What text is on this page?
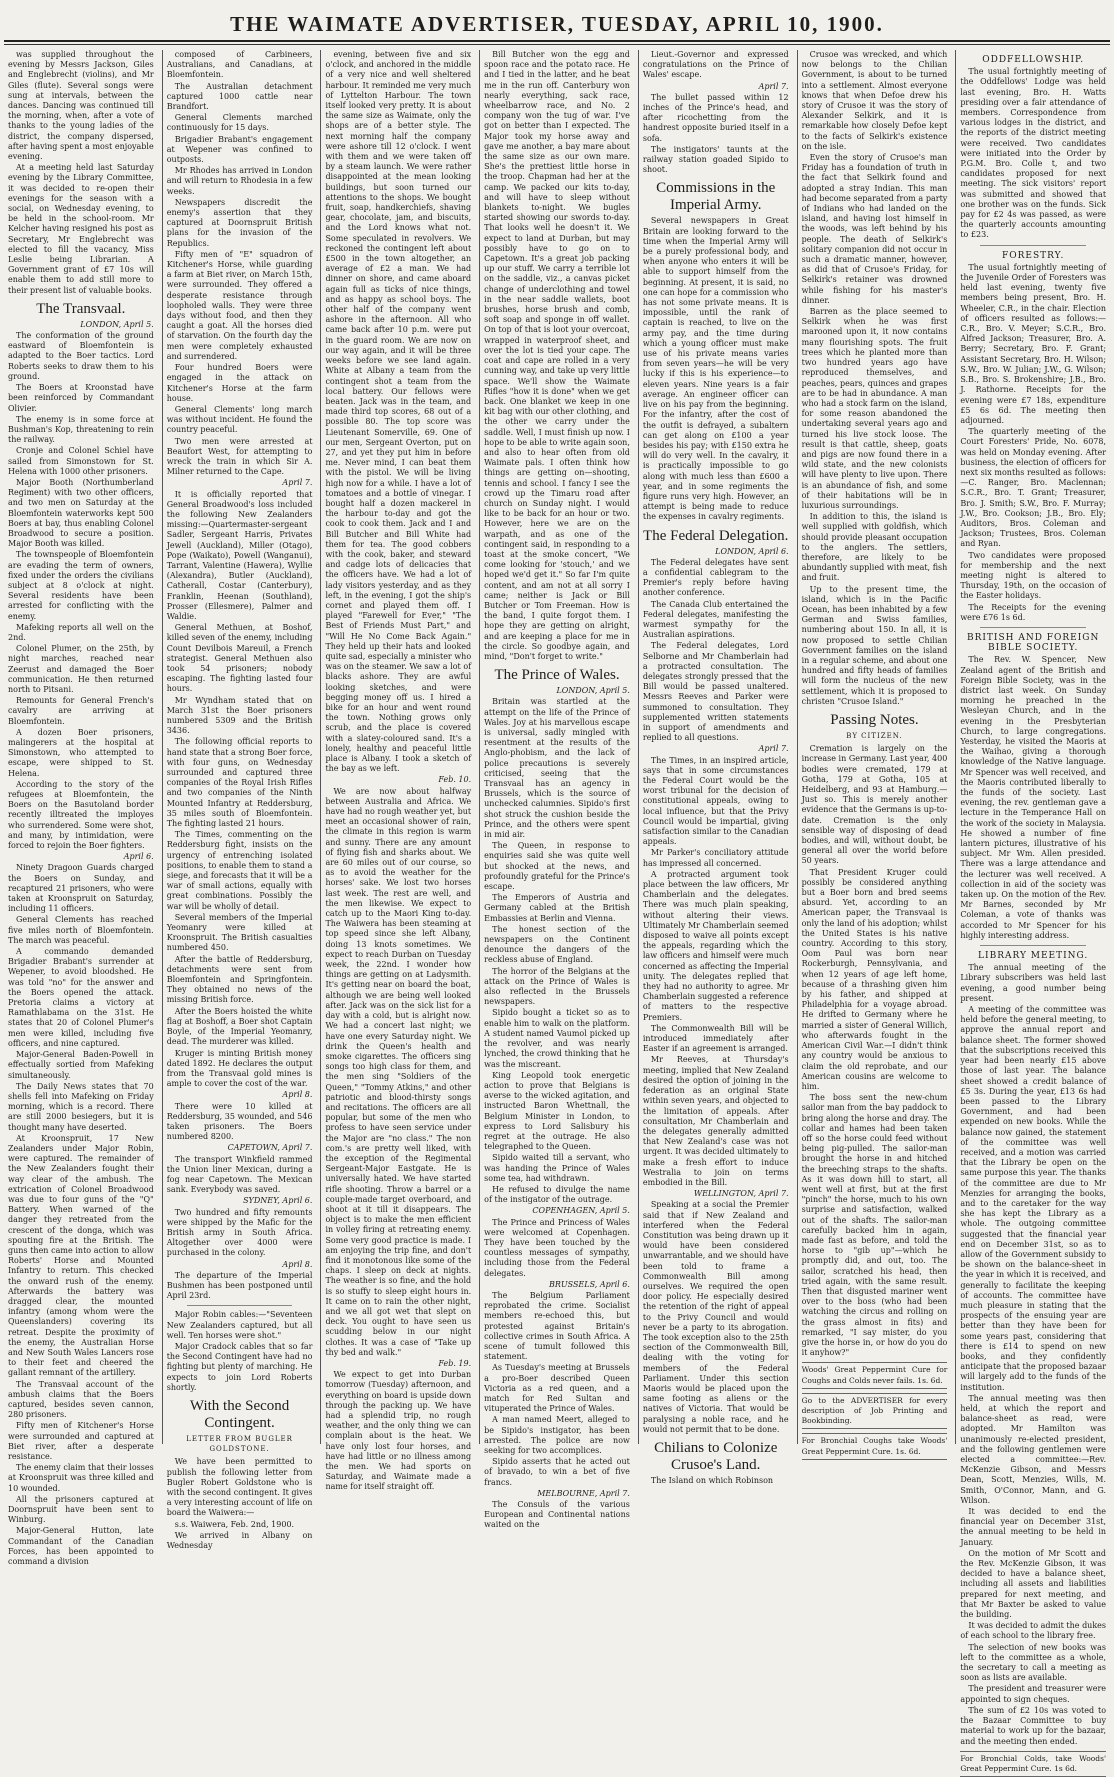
THE WAIMATE ADVERTISER, TUESDAY, APRIL 10, 1900.

was supplied throughout the evening by Messrs Jackson, Giles and Englebrecht (violins), and Mr Giles (flute). Several songs were sung at intervals, between the dances. Dancing was continued till the morning, when, after a vote of thanks to the young ladies of the district, the company dispersed, after having spent a most enjoyable evening.

At a meeting held last Saturday evening by the Library Committee, it was decided to re-open their evenings for the season with a social, on Wednesday evening, to be held in the school-room. Mr Kelcher having resigned his post as Secretary, Mr Englebrecht was elected to fill the vacancy, Miss Leslie being Librarian. A Government grant of £7 10s will enable them to add still more to their present list of valuable books.

The Transvaal.
LONDON, April 5.

The conformation of the ground eastward of Bloemfontein is adapted to the Boer tactics. Lord Roberts seeks to draw them to his ground.

The Boers at Kroonstad have been reinforced by Commandant Olivier.

The enemy is in some force at Bushman's Kop, threatening to rein the railway.

Cronje and Colonel Schiel have sailed from Simonstown for St. Helena with 1000 other prisoners.

Major Booth (Northumberland Regiment) with two other officers, and two men on Saturday at the Bloemfontein waterworks kept 500 Boers at bay, thus enabling Colonel Broadwood to secure a position. Major Booth was killed.

The townspeople of Bloemfontein are evading the term of owners, fixed under the orders the civilians subject at 8 o'clock at night. Several residents have been arrested for conflicting with the enemy.

Mafeking reports all well on the 2nd.

Colonel Plumer, on the 25th, by night marches, reached near Zeerust and damaged the Boer communication. He then returned north to Pitsani.

Remounts for General French's cavalry are arriving at Bloemfontein.

A dozen Boer prisoners, malingerers at the hospital at Simonstown, who attempted to escape, were shipped to St. Helena.

According to the story of the refugees at Bloemfontein, the Boers on the Basutoland border recently illtreated the imployes who surrendered. Some were shot, and many, by intimidation, were forced to rejoin the Boer fighters.

April 6.

Ninety Dragoon Guards charged the Boers on Sunday, and recaptured 21 prisoners, who were taken at Kroonspruit on Saturday, including 11 officers.

General Clements has reached five miles north of Bloemfontein. The march was peaceful.

A commando demanded Brigadier Brabant's surrender at Wepener, to avoid bloodshed. He was told "no" for the answer and the Boers opened the attack. Pretoria claims a victory at Ramathlabama on the 31st. He states that 20 of Colonel Plumer's men were killed, including five officers, and nine captured.

Major-General Baden-Powell in effectually sortied from Mafeking simultaneously.

The Daily News states that 70 shells fell into Mafeking on Friday morning, which is a record. There are still 2000 besiegers, but it is thought many have deserted.

At Kroonspruit, 17 New Zealanders under Major Robin, were captured. The remainder of the New Zealanders fought their way clear of the ambush. The extrication of Colonel Broadwood was due to four guns of the "Q" Battery. When warned of the danger they retreated from the crescent of the donga, which was spouting fire at the British. The guns then came into action to allow Roberts' Horse and Mounted Infantry to return. This checked the onward rush of the enemy. Afterwards the battery was dragged clear, the mounted infantry (among whom were the Queenslanders) covering its retreat. Despite the proximity of the enemy, the Australian Horse and New South Wales Lancers rose to their feet and cheered the gallant remnant of the artillery.

The Transvaal account of the ambush claims that the Boers captured, besides seven cannon, 280 prisoners.

Fifty men of Kitchener's Horse were surrounded and captured at Biet river, after a desperate resistance.

The enemy claim that their losses at Kroonspruit was three killed and 10 wounded.

All the prisoners captured at Doornspruit have been sent to Winburg.

Major-General Hutton, late Commandant of the Canadian Forces, has been appointed to command a division

composed of Carbineers, Australians, and Canadians, at Bloemfontein.

The Australian detachment captured 1000 cattle near Brandfort.

General Clements marched continuously for 15 days.

Brigadier Brabant's engagement at Wepener was confined to outposts.

Mr Rhodes has arrived in London and will return to Rhodesia in a few weeks.

Newspapers discredit the enemy's assertion that they captured at Doornspruit British plans for the invasion of the Republics.

Fifty men of "E" squadron of Kitchener's Horse, while guarding a farm at Biet river, on March 15th, were surrounded. They offered a desperate resistance through loopholed walls. They were three days without food, and then they caught a goat. All the horses died of starvation. On the fourth day the men were completely exhausted and surrendered.

Four hundred Boers were engaged in the attack on Kitchener's Horse at the farm house.

General Clements' long march was without incident. He found the country peaceful.

Two men were arrested at Beaufort West, for attempting to wreck the train in which Sir A. Milner returned to the Cape.

April 7.

It is officially reported that General Broadwood's loss included the following New Zealanders missing:—Quartermaster-sergeant Sadler, Sergeant Harris, Privates Jewell (Auckland), Miller (Otago), Pope (Waikato), Powell (Wanganui), Tarrant, Valentine (Hawera), Wyllie (Alexandra), Butler (Auckland), Catherall, Costar (Canterbury), Franklin, Heenan (Southland), Prosser (Ellesmere), Palmer and Waldie.

General Methuen, at Boshof, killed seven of the enemy, including Count Devilbois Mareuil, a French strategist. General Methuen also took 54 prisoners; nobody escaping. The fighting lasted four hours.

Mr Wyndham stated that on March 31st the Boer prisoners numbered 5309 and the British 3436.

The following official reports to hand state that a strong Boer force, with four guns, on Wednesday surrounded and captured three companies of the Royal Irish Rifles and two companies of the Ninth Mounted Infantry at Reddersburg, 35 miles south of Bloemfontein. The fighting lasted 21 hours.

The Times, commenting on the Reddersburg fight, insists on the urgency of entrenching isolated positions, to enable them to stand a siege, and forecasts that it will be a war of small actions, equally with great combinations. Possibly the war will be wholly of detail.

Several members of the Imperial Yeomanry were killed at Kroonspruit. The British casualties numbered 450.

After the battle of Reddersburg, detachments were sent from Bloemfontein and Springfontein. They obtained no news of the missing British force.

After the Boers hoisted the white flag at Boshoff, a Boer shot Captain Boyle, of the Imperial Yeomanry, dead. The murderer was killed.

Kruger is minting British money dated 1892. He declares the output from the Transvaal gold mines is ample to cover the cost of the war.

April 8.

There were 10 killed at Reddersburg, 35 wounded, and 546 taken prisoners. The Boers numbered 8200.

CAPETOWN, April 7.

The transport Winkfield rammed the Union liner Mexican, during a fog near Capetown. The Mexican sank. Everybody was saved.

SYDNEY, April 6.

Two hundred and fifty remounts were shipped by the Mafic for the British army in South Africa. Altogether over 4000 were purchased in the colony.

April 8.

The departure of the Imperial Bushmen has been postponed until April 23rd.

Major Robin cables:—"Seventeen New Zealanders captured, but all well. Ten horses were shot."

Major Cradock cables that so far the Second Contingent have had no fighting but plenty of marching. He expects to join Lord Roberts shortly.

With the Second Contingent.
LETTER FROM BUGLER GOLDSTONE.

We have been permitted to publish the following letter from Bugler Robert Goldstone who is with the second contingent. It gives a very interesting account of life on board the Waiwera:—

s.s. Waiwera, Feb. 2nd, 1900.

We arrived in Albany on Wednesday

evening, between five and six o'clock, and anchored in the middle of a very nice and well sheltered harbour. It reminded me very much of Lyttelton Harbour. The town itself looked very pretty. It is about the same size as Waimate, only the shops are of a better style. The next morning half the company were ashore till 12 o'clock. I went with them and we were taken off by a steam launch. We were rather disappointed at the mean looking buildings, but soon turned our attentions to the shops. We bought fruit, soap, handkerchiefs, shaving gear, chocolate, jam, and biscuits, and the Lord knows what not. Some speculated in revolvers. We reckoned the contingent left about £500 in the town altogether, an average of £2 a man. We had dinner on shore, and came aboard again full as ticks of nice things, and as happy as school boys. The other half of the company went ashore in the afternoon. All who came back after 10 p.m. were put in the guard room. We are now on our way again, and it will be three weeks before we see land again. White at Albany a team from the contingent shot a team from the local battery. Our fellows were beaten. Jack was in the team, and made third top scores, 68 out of a possible 80. The top score was Lieutenant Somerville, 69. One of our men, Sergeant Overton, put on 27, and yet they put him in before me. Never mind, I can beat them with the pistol. We will be living high now for a while. I have a lot of tomatoes and a bottle of vinegar. I bought half a dozen mackerel in the harbour to-day and got the cook to cook them. Jack and I and Bill Butcher and Bill White had them for tea. The good cobbers with the cook, baker, and steward and cadge lots of delicacies that the officers have. We had a lot of lady visitors yesterday, and as they left, in the evening, I got the ship's cornet and played them off. I played "Farewell for Ever," "The Best of Friends Must Part," and "Will He No Come Back Again." They held up their hats and looked quite sad, especially a minister who was on the steamer. We saw a lot of blacks ashore. They are awful looking sketches, and were begging money off us. I hired a bike for an hour and went round the town. Nothing grows only scrub, and the place is covered with a slatey-coloured sand. It's a lonely, healthy and peaceful little place is Albany. I took a sketch of the bay as we left.

Feb. 10.

We are now about halfway between Australia and Africa. We have had no rough weather yet, but meet an occasional shower of rain, the climate in this region is warm and sunny. There are any amount of flying fish and sharks about. We are 60 miles out of our course, so as to avoid the weather for the horses' sake. We lost two horses last week. The rest are well, and the men likewise. We expect to catch up to the Maori King to-day. The Waiwera has been steaming at top speed since she left Albany, doing 13 knots sometimes. We expect to reach Durban on Tuesday week, the 22nd. I wonder how things are getting on at Ladysmith. It's getting near on board the boat, although we are being well looked after. Jack was on the sick list for a day with a cold, but is alright now. We had a concert last night; we have one every Saturday night. We drink the Queen's health and smoke cigarettes. The officers sing songs too high class for them, and the men sing "Soldiers of the Queen," "Tommy Atkins," and other patriotic and blood-thirsty songs and recitations. The officers are all popular, but some of the men who profess to have seen service under the Major are "no class." The non com.'s are pretty well liked, with the exception of the Regimental Sergeant-Major Eastgate. He is universally hated. We have started rifle shooting. Throw a barrel or a couple-made target overboard, and shoot at it till it disappears. The object is to make the men efficient in volley firing at retreating enemy. Some very good practice is made. I am enjoying the trip fine, and don't find it monotonous like some of the chaps. I sleep on deck at nights. The weather is so fine, and the hold is so stuffy to sleep eight hours in. It came on to rain the other night, and we all got wet that slept on deck. You ought to have seen us scudding below in our night clothes. It was a case of "Take up thy bed and walk."

Feb. 19.

We expect to get into Durban tomorrow (Tuesday) afternoon, and everything on board is upside down through the packing up. We have had a splendid trip, no rough weather, and the only thing we can complain about is the heat. We have only lost four horses, and have had little or no illness among the men. We had sports on Saturday, and Waimate made a name for itself straight off.

Bill Butcher won the egg and spoon race and the potato race. He and I tied in the latter, and he beat me in the run off. Canterbury won nearly everything, sack race, wheelbarrow race, and No. 2 company won the tug of war. I've got on better than I expected. The Major took my horse away and gave me another, a bay mare about the same size as our own mare. She's the prettiest little horse in the troop. Chapman had her at the camp. We packed our kits to-day, and will have to sleep without blankets to-night. We bugles started showing our swords to-day. That looks well he doesn't it. We expect to land at Durban, but may possibly have to go on to Capetown. It's a great job packing up our stuff. We carry a terrible lot on the saddle, viz., a canvas picket change of underclothing and towel in the near saddle wallets, boot brushes, horse brush and comb, soft soap and sponge in off wallet. On top of that is loot your overcoat, wrapped in waterproof sheet, and over the lot is tied your cape. The coat and cape are rolled in a very cunning way, and take up very little space. We'll show the Waimate Rifles "how it is done" when we get back. One blanket we keep in one kit bag with our other clothing, and the other we carry under the saddle. Well, I must finish up now. I hope to be able to write again soon, and also to hear often from old Waimate pals. I often think how things are getting on—shooting, tennis and school. I fancy I see the crowd up the Timaru road after church on Sunday night. I would like to be back for an hour or two. However, here we are on the warpath, and as one of the contingent said, in responding to a toast at the smoke concert, "We come looking for 'stouch,' and we hoped we'd get it." So far I'm quite content, and am not at all sorry I came; neither is Jack or Bill Butcher or Tom Freeman. How is the band, I quite forgot them. I hope they are getting on alright, and are keeping a place for me in the circle. So goodbye again, and mind, "Don't forget to write."

The Prince of Wales.
LONDON, April 5.

Britain was startled at the attempt on the life of the Prince of Wales. Joy at his marvellous escape is universal, sadly mingled with resentment at the results of the Anglo-phobism, and the lack of police precautions is severely criticised, seeing that the Transvaal has an agency in Brussels, which is the source of unchecked calumnies. Sipido's first shot struck the cushion beside the Prince, and the others were spent in mid air.

The Queen, in response to enquiries said she was quite well but shocked at the news, and profoundly grateful for the Prince's escape.

The Emperors of Austria and Germany cabled at the British Embassies at Berlin and Vienna.

The honest section of the newspapers on the Continent denounce the dangers of the reckless abuse of England.

The horror of the Belgians at the attack on the Prince of Wales is also reflected in the Brussels newspapers.

Sipido bought a ticket so as to enable him to walk on the platform. A student named Vaumol picked up the revolver, and was nearly lynched, the crowd thinking that he was the miscreant.

King Leopold took energetic action to prove that Belgians is averse to the wicked agitation, and instructed Baron Whettnall, the Belgium Minister in London, to express to Lord Salisbury his regret at the outrage. He also telegraphed to the Queen.

Sipido waited till a servant, who was handing the Prince of Wales some tea, had withdrawn.

He refused to divulge the name of the instigator of the outrage.

COPENHAGEN, April 5.

The Prince and Princess of Wales were welcomed at Copenhagen. They have been touched by the countless messages of sympathy, including those from the Federal delegates.

BRUSSELS, April 6.

The Belgium Parliament reprobated the crime. Socialist members re-echoed this, but protested against Britain's collective crimes in South Africa. A scene of tumult followed this statement.

As Tuesday's meeting at Brussels a pro-Boer described Queen Victoria as a red queen, and a match for Red Sultan and vituperated the Prince of Wales.

A man named Meert, alleged to be Sipido's instigator, has been arrested. The police are now seeking for two accomplices.

Sipido asserts that he acted out of bravado, to win a bet of five francs.

MELBOURNE, April 7.

The Consuls of the various European and Continental nations waited on the

Lieut.-Governor and expressed congratulations on the Prince of Wales' escape.

April 7.

The bullet passed within 12 inches of the Prince's head, and after ricochetting from the handrest opposite buried itself in a sofa.

The instigators' taunts at the railway station goaded Sipido to shoot.

Commissions in the Imperial Army.

Several newspapers in Great Britain are looking forward to the time when the Imperial Army will be a purely professional body, and when anyone who enters it will be able to support himself from the beginning. At present, it is said, no one can hope for a commission who has not some private means. It is impossible, until the rank of captain is reached, to live on the army pay, and the time during which a young officer must make use of his private means varies from seven years—he will be very lucky if this is his experience—to eleven years. Nine years is a fair average. An engineer officer can live on his pay from the beginning. For the infantry, after the cost of the outfit is defrayed, a subaltern can get along on £100 a year besides his pay; with £150 extra he will do very well. In the cavalry, it is practically impossible to go along with much less than £600 a year, and in some regiments the figure runs very high. However, an attempt is being made to reduce the expenses in cavalry regiments.

The Federal Delegation.
LONDON, April 6.

The Federal delegates have sent a confidential cablegram to the Premier's reply before having another conference.

The Canada Club entertained the Federal delegates, manifesting the warmest sympathy for the Australian aspirations.

The Federal delegates, Lord Selborne and Mr Chamberlain had a protracted consultation. The delegates strongly pressed that the Bill would be passed unaltered. Messrs Reeves and Parker were summoned to consultation. They supplemented written statements in support of amendments and replied to all questions.

April 7.

The Times, in an inspired article, says that in some circumstances the Federal Court would be the worst tribunal for the decision of constitutional appeals, owing to local influence, but that the Privy Council would be impartial, giving satisfaction similar to the Canadian appeals.

Mr Parker's conciliatory attitude has impressed all concerned.

A protracted argument took place between the law officers, Mr Chamberlain and the delegates. There was much plain speaking, without altering their views. Ultimately Mr Chamberlain seemed disposed to waive all points except the appeals, regarding which the law officers and himself were much concerned as affecting the Imperial unity. The delegates replied that they had no authority to agree. Mr Chamberlain suggested a reference of matters to the respective Premiers.

The Commonwealth Bill will be introduced immediately after Easter if an agreement is arranged.

Mr Reeves, at Thursday's meeting, implied that New Zealand desired the option of joining in the federation as an original State within seven years, and objected to the limitation of appeals. After consultation, Mr Chamberlain and the delegates generally admitted that New Zealand's case was not urgent. It was decided ultimately to make a fresh effort to induce Westralia to join on terms embodied in the Bill.

WELLINGTON, April 7.

Speaking at a social the Premier said that if New Zealand and interfered when the Federal Constitution was being drawn up it would have been considered unwarrantable, and we should have been told to frame a Commonwealth Bill among ourselves. We required the open door policy. He especially desired the retention of the right of appeal to the Privy Council and would never be a party to its abrogation. The took exception also to the 25th section of the Commonwealth Bill, dealing with the voting for members of the Federal Parliament. Under this section Maoris would be placed upon the same footing as aliens or the natives of Victoria. That would be paralysing a noble race, and he would not permit that to be done.

Chilians to Colonize Crusoe's Land.

The Island on which Robinson

Crusoe was wrecked, and which now belongs to the Chilian Government, is about to be turned into a settlement. Almost everyone knows that when Defoe drew his story of Crusoe it was the story of Alexander Selkirk, and it is remarkable how closely Defoe kept to the facts of Selkirk's existence on the isle.

Even the story of Crusoe's man Friday has a foundation of truth in the fact that Selkirk found and adopted a stray Indian. This man had become separated from a party of Indians who had landed on the island, and having lost himself in the woods, was left behind by his people. The death of Selkirk's solitary companion did not occur in such a dramatic manner, however, as did that of Crusoe's Friday, for Selkirk's retainer was drowned while fishing for his master's dinner.

Barren as the place seemed to Selkirk when he was first marooned upon it, it now contains many flourishing spots. The fruit trees which he planted more than two hundred years ago have reproduced themselves, and peaches, pears, quinces and grapes are to be had in abundance. A man who had a stock farm on the island, for some reason abandoned the undertaking several years ago and turned his live stock loose. The result is that cattle, sheep, goats and pigs are now found there in a wild state, and the new colonists will have plenty to live upon. There is an abundance of fish, and some of their habitations will be in luxurious surroundings.

In addition to this, the island is well supplied with goldfish, which should provide pleasant occupation to the anglers. The settlers, therefore, are likely to be abundantly supplied with meat, fish and fruit.

Up to the present time, the island, which is in the Pacific Ocean, has been inhabited by a few German and Swiss families, numbering about 150. In all, it is now proposed to settle Chilian Government families on the island in a regular scheme, and about one hundred and fifty heads of families will form the nucleus of the new settlement, which it is proposed to christen "Crusoe Island."

Passing Notes.
BY CITIZEN.

Cremation is largely on the increase in Germany. Last year, 400 bodies were cremated, 179 at Gotha, 179 at Gotha, 105 at Heidelberg, and 93 at Hamburg.—Just so. This is merely another evidence that the Germans is up-to-date. Cremation is the only sensible way of disposing of dead bodies, and will, without doubt, be general all over the world before 50 years.

That President Kruger could possibly be considered anything but a Boer born and bred seems absurd. Yet, according to an American paper, the Transvaal is only the land of his adoption; whilst the United States is his native country. According to this story, Oom Paul was born near Rockerburgh, Pennsylvania, and when 12 years of age left home, because of a thrashing given him by his father, and shipped at Philadelphia for a voyage abroad. He drifted to Germany where he married a sister of General Willich, who afterwards fought in the American Civil War.—I didn't think any country would be anxious to claim the old reprobate, and our American cousins are welcome to him.

The boss sent the new-chum sailor man from the bay paddock to bring along the horse and dray. The collar and hames had been taken off so the horse could feed without being pig-pulled. The sailor-man brought the horse in and hitched the breeching straps to the shafts. As it was down hill to start, all went well at first, but at the first "pinch" the horse, much to his own surprise and satisfaction, walked out of the shafts. The sailor-man carefully backed him in again, made fast as before, and told the horse to "gib up"—which he promptly did, and out, too. The sailor, scratched his head, then tried again, with the same result. Then that disgusted mariner went over to the boss (who had been watching the circus and rolling on the grass almost in fits) and remarked, "I say mister, do you give the horse in, or how do you do it anyhow?"

Woods' Great Peppermint Cure for Coughs and Colds never fails. 1s. 6d.
Go to the ADVERTISER for every description of Job Printing and Bookbinding.
For Bronchial Coughs take Woods' Great Peppermint Cure. 1s. 6d.
ODDFELLOWSHIP.

The usual fortnightly meeting of the Oddfellows' Lodge was held last evening, Bro. H. Watts presiding over a fair attendance of members. Correspondence from various lodges in the district, and the reports of the district meeting were received. Two candidates were initiated into the Order by P.G.M. Bro. Colle t, and two candidates proposed for next meeting. The sick visitors' report was submitted and showed that one brother was on the funds. Sick pay for £2 4s was passed, as were the quarterly accounts amounting to £23.

FORESTRY.

The usual fortnightly meeting of the Juvenile Order of Foresters was held last evening, twenty five members being present, Bro. H. Wheeler, C.R., in the chair. Election of officers resulted as follows:—C.R., Bro. V. Meyer; S.C.R., Bro. Alfred Jackson; Treasurer, Bro. A. Berry; Secretary, Bro. F. Grant; Assistant Secretary, Bro. H. Wilson; S.W., Bro. W. Julian; J.W., G. Wilson; S.B., Bro. S. Brokenshire; J.B., Bro. J. Rathorne. Receipts for the evening were £7 18s, expenditure £5 6s 6d. The meeting then adjourned.

The quarterly meeting of the Court Foresters' Pride, No. 6078, was held on Monday evening. After business, the election of officers for next six months resulted as follows:—C. Ranger, Bro. Maclennan; S.C.R., Bro. T. Grant; Treasurer, Bro. J. Smith; S.W., Bro. F. Murray; J.W., Bro. Cookson; J.B., Bro. Ely; Auditors, Bros. Coleman and Jackson; Trustees, Bros. Coleman and Ryan.

Two candidates were proposed for membership and the next meeting night is altered to Thursday, 19th, on the occasion of the Easter holidays.

The Receipts for the evening were £76 1s 6d.

BRITISH AND FOREIGN BIBLE SOCIETY.

The Rev. W. Spencer, New Zealand agent of the British and Foreign Bible Society, was in the district last week. On Sunday morning he preached in the Wesleyan Church, and in the evening in the Presbyterian Church, to large congregations. Yesterday, he visited the Maoris at the Waihao, giving a thorough knowledge of the Native language. Mr Spencer was well received, and the Maoris contributed liberally to the funds of the society. Last evening, the rev. gentleman gave a lecture in the Temperance Hall on the work of the society in Malaysia. He showed a number of fine lantern pictures, illustrative of his subject. Mr Wm. Allen presided. There was a large attendance and the lecturer was well received. A collection in aid of the society was taken up. On the motion of the Rev. Mr Barnes, seconded by Mr Coleman, a vote of thanks was accorded to Mr Spencer for his highly interesting address.

LIBRARY MEETING.

The annual meeting of the Library subscribers was held last evening, a good number being present.

A meeting of the committee was held before the general meeting, to approve the annual report and balance sheet. The former showed that the subscriptions received this year had been nearly £15 above those of last year. The balance sheet showed a credit balance of £5 3s. During the year, £13 6s had been passed to the Library Government, and had been expended on new books. While the balance now gained, the statement of the committee was well received, and a motion was carried that the Library be open on the same purpose this year. The thanks of the committee are due to Mr Menzies for arranging the books, and to the caretaker for the way she has kept the Library as a whole. The outgoing committee suggested that the financial year end on December 31st, so as to allow of the Government subsidy to be shown on the balance-sheet in the year in which it is received, and generally to facilitate the keeping of accounts. The committee have much pleasure in stating that the prospects of the ensuing year are better than they have been for some years past, considering that there is £14 to spend on new books, and they confidently anticipate that the proposed bazaar will largely add to the funds of the institution.

The annual meeting was then held, at which the report and balance-sheet as read, were adopted. Mr Hamilton was unanimously re-elected president, and the following gentlemen were elected a committee:—Rev. McKenzie Gibson, and Messrs Dean, Scott, Menzies, Wills, M. Smith, O'Connor, Mann, and G. Wilson.

It was decided to end the financial year on December 31st, the annual meeting to be held in January.

On the motion of Mr Scott and the Rev. McKenzie Gibson, it was decided to have a balance sheet, including all assets and liabilities prepared for next meeting, and that Mr Baxter be asked to value the building.

It was decided to admit the dukes of each school to the library free.

The selection of new books was left to the committee as a whole, the secretary to call a meeting as soon as lists are available.

The president and treasurer were appointed to sign cheques.

The sum of £2 10s was voted to the Bazaar Committee to buy material to work up for the bazaar, and the meeting then ended.

For Bronchial Colds, take Woods' Great Peppermint Cure. 1s 6d.
